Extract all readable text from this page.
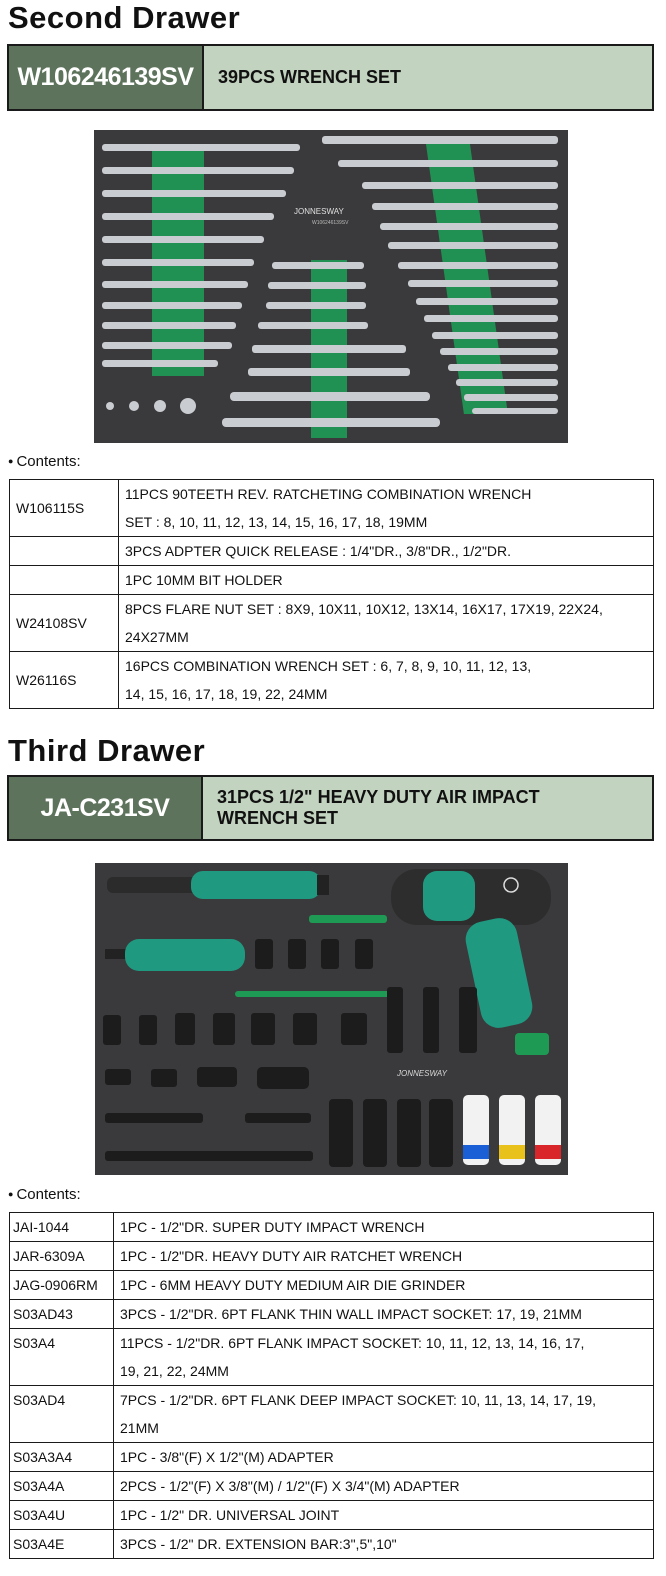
Second Drawer
W106246139SV	39PCS WRENCH SET
JONNESWAY
W106246139SV
● Contents:
W106115S	11PCS 90TEETH REV. RATCHETING COMBINATION WRENCH
SET : 8, 10, 11, 12, 13, 14, 15, 16, 17, 18, 19MM

	3PCS ADPTER QUICK RELEASE : 1/4"DR., 3/8"DR., 1/2"DR.

	1PC 10MM BIT HOLDER

W24108SV	8PCS FLARE NUT SET : 8X9, 10X11, 10X12, 13X14, 16X17, 17X19, 22X24,
24X27MM

W26116S	16PCS COMBINATION WRENCH SET : 6, 7, 8, 9, 10, 11, 12, 13,
14, 15, 16, 17, 18, 19, 22, 24MM
Third Drawer
JA-C231SV	31PCS 1/2" HEAVY DUTY AIR IMPACT
WRENCH SET
JONNESWAY
● Contents:
JAI-1044	1PC - 1/2"DR. SUPER DUTY IMPACT WRENCH

JAR-6309A	1PC - 1/2"DR. HEAVY DUTY AIR RATCHET WRENCH

JAG-0906RM	1PC - 6MM HEAVY DUTY MEDIUM AIR DIE GRINDER

S03AD43	3PCS - 1/2"DR. 6PT FLANK THIN WALL IMPACT SOCKET: 17, 19, 21MM

S03A4	11PCS - 1/2"DR. 6PT FLANK IMPACT SOCKET: 10, 11, 12, 13, 14, 16, 17,
19, 21, 22, 24MM

S03AD4	7PCS - 1/2"DR. 6PT FLANK DEEP IMPACT SOCKET: 10, 11, 13, 14, 17, 19,
21MM

S03A3A4	1PC - 3/8"(F) X 1/2"(M) ADAPTER

S03A4A	2PCS - 1/2"(F) X 3/8"(M) / 1/2"(F) X 3/4"(M) ADAPTER

S03A4U	1PC - 1/2" DR. UNIVERSAL JOINT

S03A4E	3PCS - 1/2" DR. EXTENSION BAR:3",5",10"
